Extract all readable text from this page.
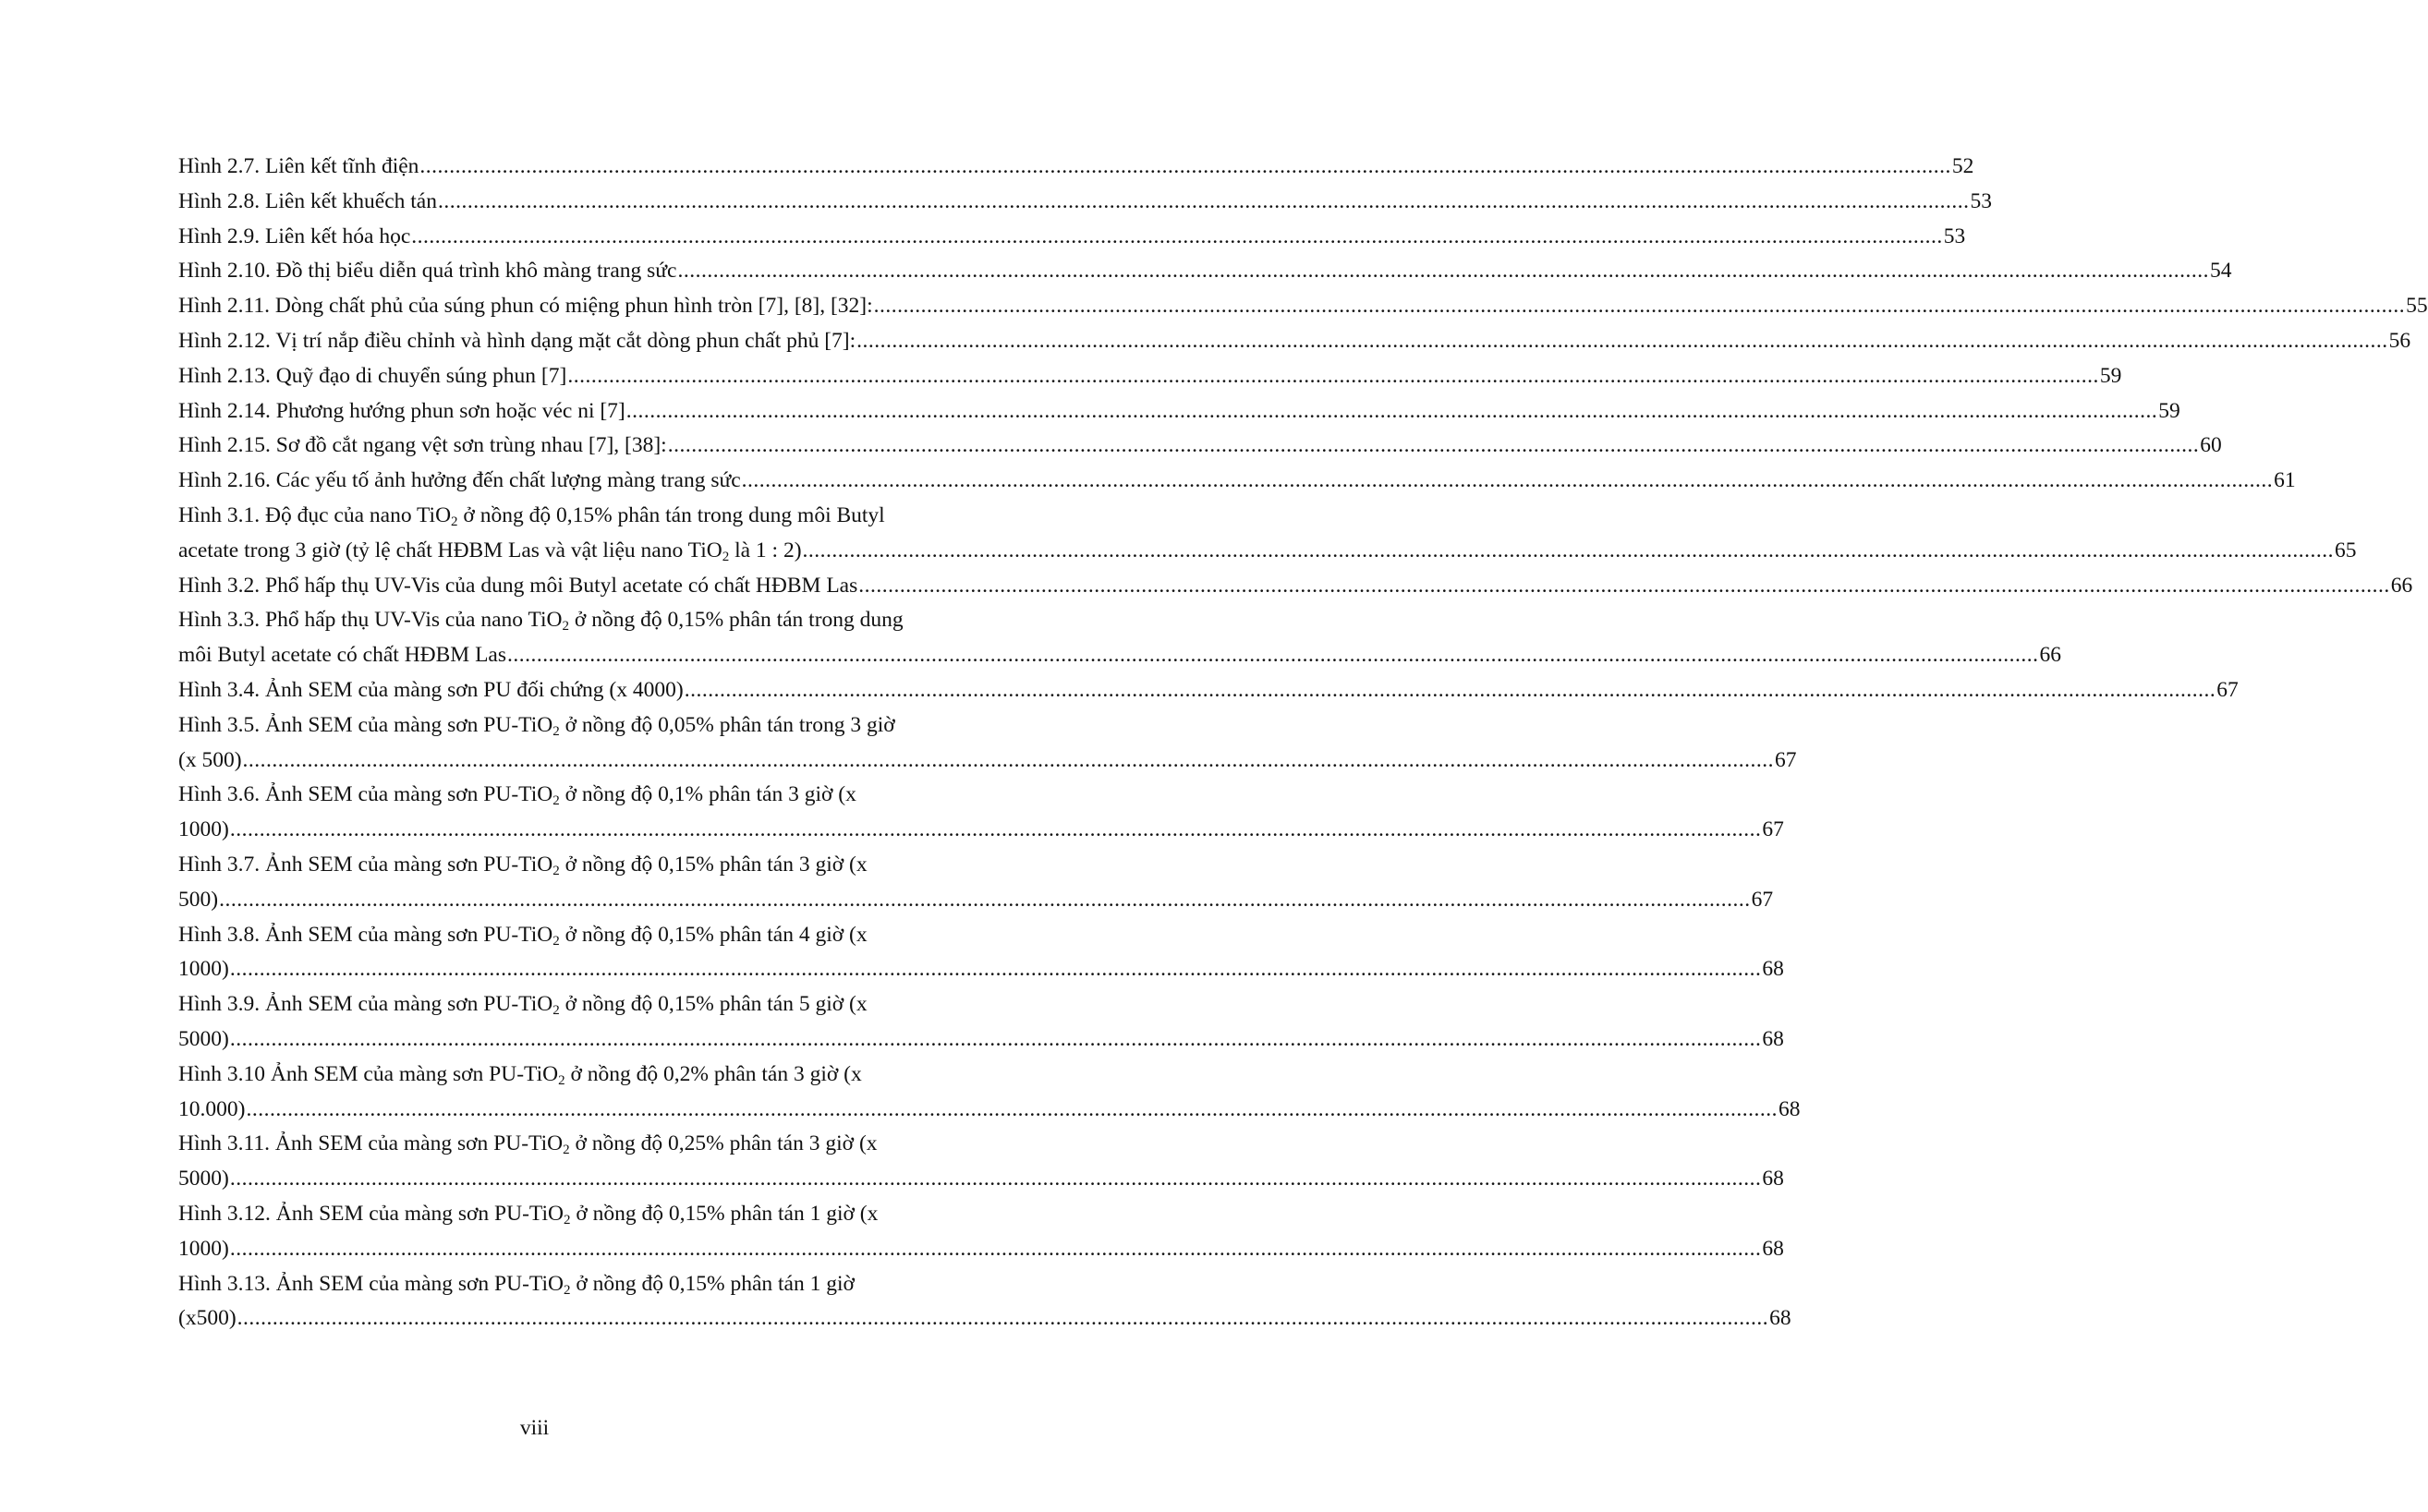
Hình 2.7. Liên kết tĩnh điện .................................................................................................................................................................................................................................................................... 52
Hình 2.8. Liên kết khuếch tán .................................................................................................................................................................................................................................................................... 53
Hình 2.9. Liên kết hóa học .................................................................................................................................................................................................................................................................... 53
Hình 2.10. Đồ thị biểu diễn quá trình khô màng trang sức .................................................................................................................................................................................................................................................................... 54
Hình 2.11. Dòng chất phủ của súng phun có miệng phun hình tròn [7], [8], [32]: .................................................................................................................................................................................................................................................................... 55
Hình 2.12. Vị trí nắp điều chỉnh và hình dạng mặt cắt dòng phun chất phủ [7]: .................................................................................................................................................................................................................................................................... 56
Hình 2.13. Quỹ đạo di chuyển súng phun [7] .................................................................................................................................................................................................................................................................... 59
Hình 2.14. Phương hướng phun sơn hoặc véc ni [7] .................................................................................................................................................................................................................................................................... 59
Hình 2.15. Sơ đồ cắt ngang vệt sơn trùng nhau [7], [38]: .................................................................................................................................................................................................................................................................... 60
Hình 2.16. Các yếu tố ảnh hưởng đến chất lượng màng trang sức .................................................................................................................................................................................................................................................................... 61
Hình 3.1. Độ đục của nano TiO$_2$ ở nồng độ 0,15% phân tán trong dung môi Butyl
acetate trong 3 giờ (tỷ lệ chất HĐBM Las và vật liệu nano TiO$_2$ là 1 : 2) .................................................................................................................................................................................................................................................................... 65
Hình 3.2. Phổ hấp thụ UV-Vis của dung môi Butyl acetate có chất HĐBM Las .................................................................................................................................................................................................................................................................... 66
Hình 3.3. Phổ hấp thụ UV-Vis của nano TiO$_2$ ở nồng độ 0,15% phân tán trong dung
môi Butyl acetate có chất HĐBM Las .................................................................................................................................................................................................................................................................... 66
Hình 3.4. Ảnh SEM của màng sơn PU đối chứng (x 4000) .................................................................................................................................................................................................................................................................... 67
Hình 3.5. Ảnh SEM của màng sơn PU-TiO$_2$ ở nồng độ 0,05% phân tán trong 3 giờ
(x 500) .................................................................................................................................................................................................................................................................... 67
Hình 3.6. Ảnh SEM của màng sơn PU-TiO$_2$ ở nồng độ 0,1% phân tán 3 giờ (x
1000) .................................................................................................................................................................................................................................................................... 67
Hình 3.7. Ảnh SEM của màng sơn PU-TiO$_2$ ở nồng độ 0,15% phân tán 3 giờ (x
500) .................................................................................................................................................................................................................................................................... 67
Hình 3.8. Ảnh SEM của màng sơn PU-TiO$_2$ ở nồng độ 0,15% phân tán 4 giờ (x
1000) .................................................................................................................................................................................................................................................................... 68
Hình 3.9. Ảnh SEM của màng sơn PU-TiO$_2$ ở nồng độ 0,15% phân tán 5 giờ (x
5000) .................................................................................................................................................................................................................................................................... 68
Hình 3.10 Ảnh SEM của màng sơn PU-TiO$_2$ ở nồng độ 0,2% phân tán 3 giờ (x
10.000) .................................................................................................................................................................................................................................................................... 68
Hình 3.11. Ảnh SEM của màng sơn PU-TiO$_2$ ở nồng độ 0,25% phân tán 3 giờ (x
5000) .................................................................................................................................................................................................................................................................... 68
Hình 3.12. Ảnh SEM của màng sơn PU-TiO$_2$ ở nồng độ 0,15% phân tán 1 giờ (x
1000) .................................................................................................................................................................................................................................................................... 68
Hình 3.13. Ảnh SEM của màng sơn PU-TiO$_2$ ở nồng độ 0,15% phân tán 1 giờ
(x500) .................................................................................................................................................................................................................................................................... 68
viii
